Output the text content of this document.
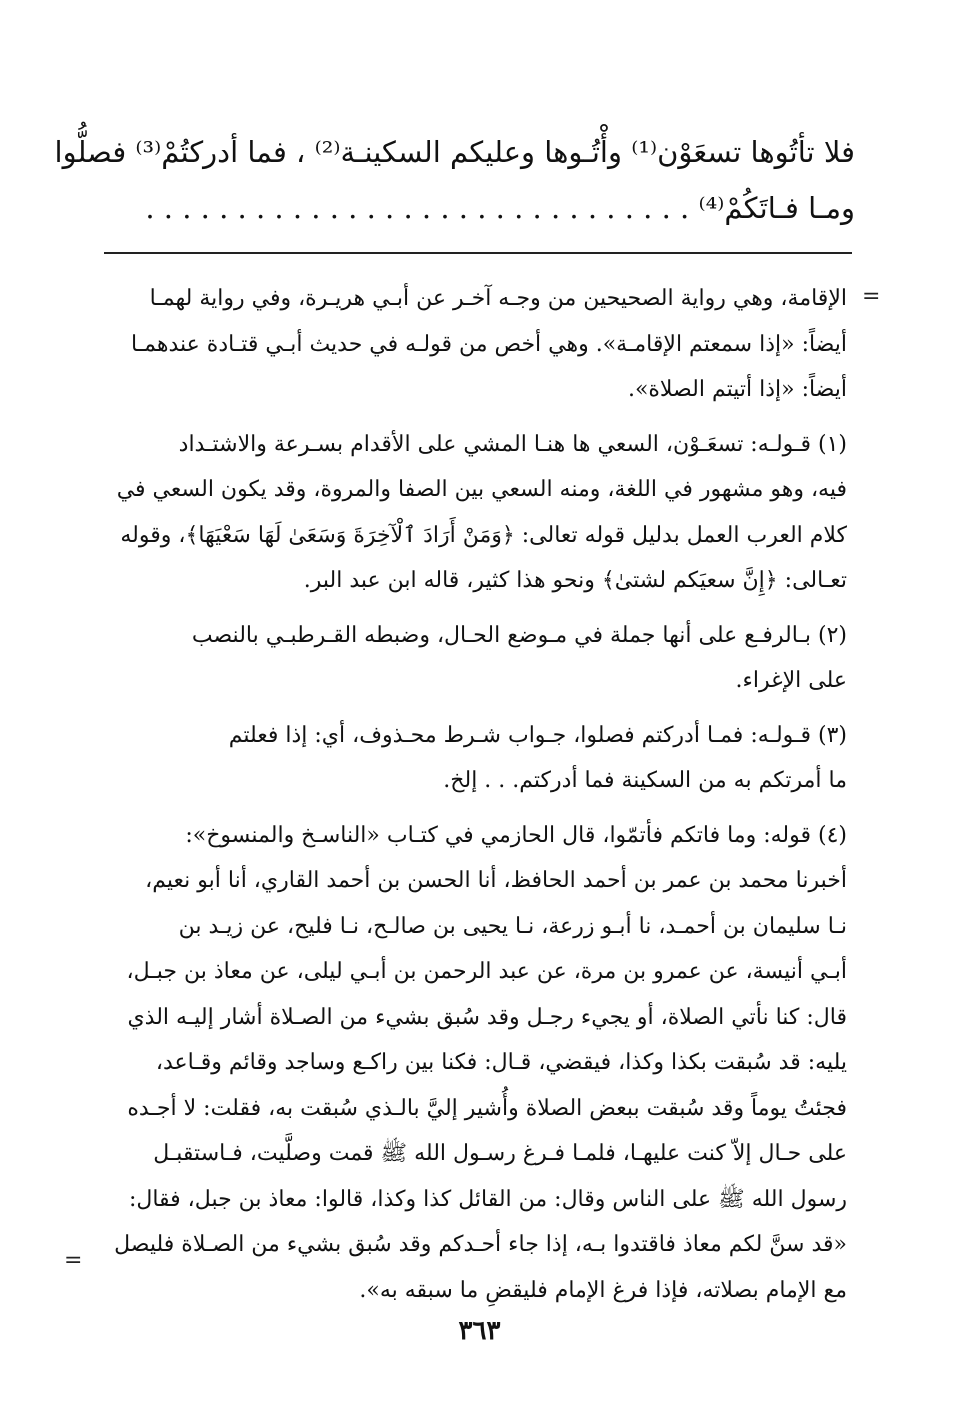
فلا تأتُوها تسعَوْن⁽¹⁾ وأْتُـوها وعليكم السكينـة⁽²⁾ ، فما أدركتُمْ⁽³⁾ فصلُّوا
ومـا فـاتَكُمْ⁽⁴⁾ . . . . . . . . . . . . . . . . . . . . . . . . . . . . . .
=
الإقامة، وهي رواية الصحيحين من وجـه آخـر عن أبـي هريـرة، وفي رواية لهمـا
أيضاً: «إذا سمعتم الإقامـة». وهي أخص من قولـه في حديث أبـي قتـادة عندهمـا
أيضاً: «إذا أتيتم الصلاة».
(١) قـولـه: تسعَـوْن، السعي ها هنـا المشي على الأقدام بسـرعة والاشتـداد
فيه، وهو مشهور في اللغة، ومنه السعي بين الصفا والمروة، وقد يكون السعي في
كلام العرب العمل بدليل قوله تعالى: ﴿وَمَنْ أَرَادَ ٱلْآخِرَةَ وَسَعَىٰ لَهَا سَعْيَهَا﴾، وقوله
تعـالى: ﴿إِنَّ سعيَكم لشتىٰ﴾ ونحو هذا كثير، قاله ابن عبد البر.
(٢) بـالرفـع على أنها جملة في مـوضع الحـال، وضبطه القـرطبـي بالنصب
على الإغراء.
(٣) قـولـه: فمـا أدركتم فصلوا، جـواب شـرط محـذوف، أي: إذا فعلتم
ما أمرتكم به من السكينة فما أدركتم. . . إلخ.
(٤) قوله: وما فاتكم فأتمّوا، قال الحازمي في كتـاب «الناسـخ والمنسوخ»:
أخبرنا محمد بن عمر بن أحمد الحافظ، أنا الحسن بن أحمد القاري، أنا أبو نعيم،
نـا سليمان بن أحمـد، نا أبـو زرعة، نـا يحيى بن صالـح، نـا فليح، عن زيـد بن
أبـي أنيسة، عن عمرو بن مرة، عن عبد الرحمن بن أبـي ليلى، عن معاذ بن جبـل،
قال: كنا نأتي الصلاة، أو يجيء رجـل وقد سُبق بشيء من الصـلاة أشار إليـه الذي
يليه: قد سُبقت بكذا وكذا، فيقضي، قـال: فكنا بين راكـع وساجد وقائم وقـاعد،
فجئتُ يوماً وقد سُبقت ببعض الصلاة وأُشير إليَّ بالـذي سُبقت به، فقلت: لا أجـده
على حـال إلاّ كنت عليهـا، فلمـا فـرغ رسـول الله ﷺ قمت وصلَّيت، فـاستقبـل
رسول الله ﷺ على الناس وقال: من القائل كذا وكذا، قالوا: معاذ بن جبل، فقال:
«قد سنَّ لكم معاذ فاقتدوا بـه، إذا جاء أحـدكم وقد سُبق بشيء من الصـلاة فليصل
مع الإمام بصلاته، فإذا فرغ الإمام فليقضِ ما سبقه به».
=
٣٦٣
